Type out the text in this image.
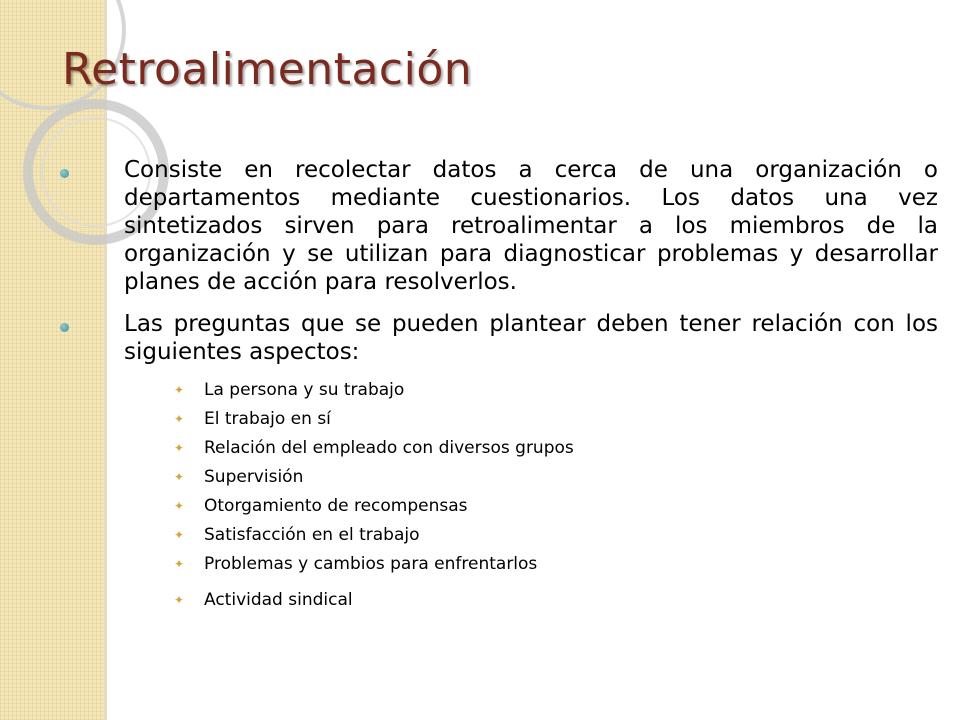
Retroalimentación
Consiste en recolectar datos a cerca de una organización o departamentos mediante cuestionarios. Los datos una vez sintetizados sirven para retroalimentar a los miembros de la organización y se utilizan para diagnosticar problemas y desarrollar planes de acción para resolverlos.
Las preguntas que se pueden plantear deben tener relación con los siguientes aspectos:
✦ La persona y su trabajo
✦ El trabajo en sí
✦ Relación del empleado con diversos grupos
✦ Supervisión
✦ Otorgamiento de recompensas
✦ Satisfacción en el trabajo
✦ Problemas y cambios para enfrentarlos
✦ Actividad sindical
